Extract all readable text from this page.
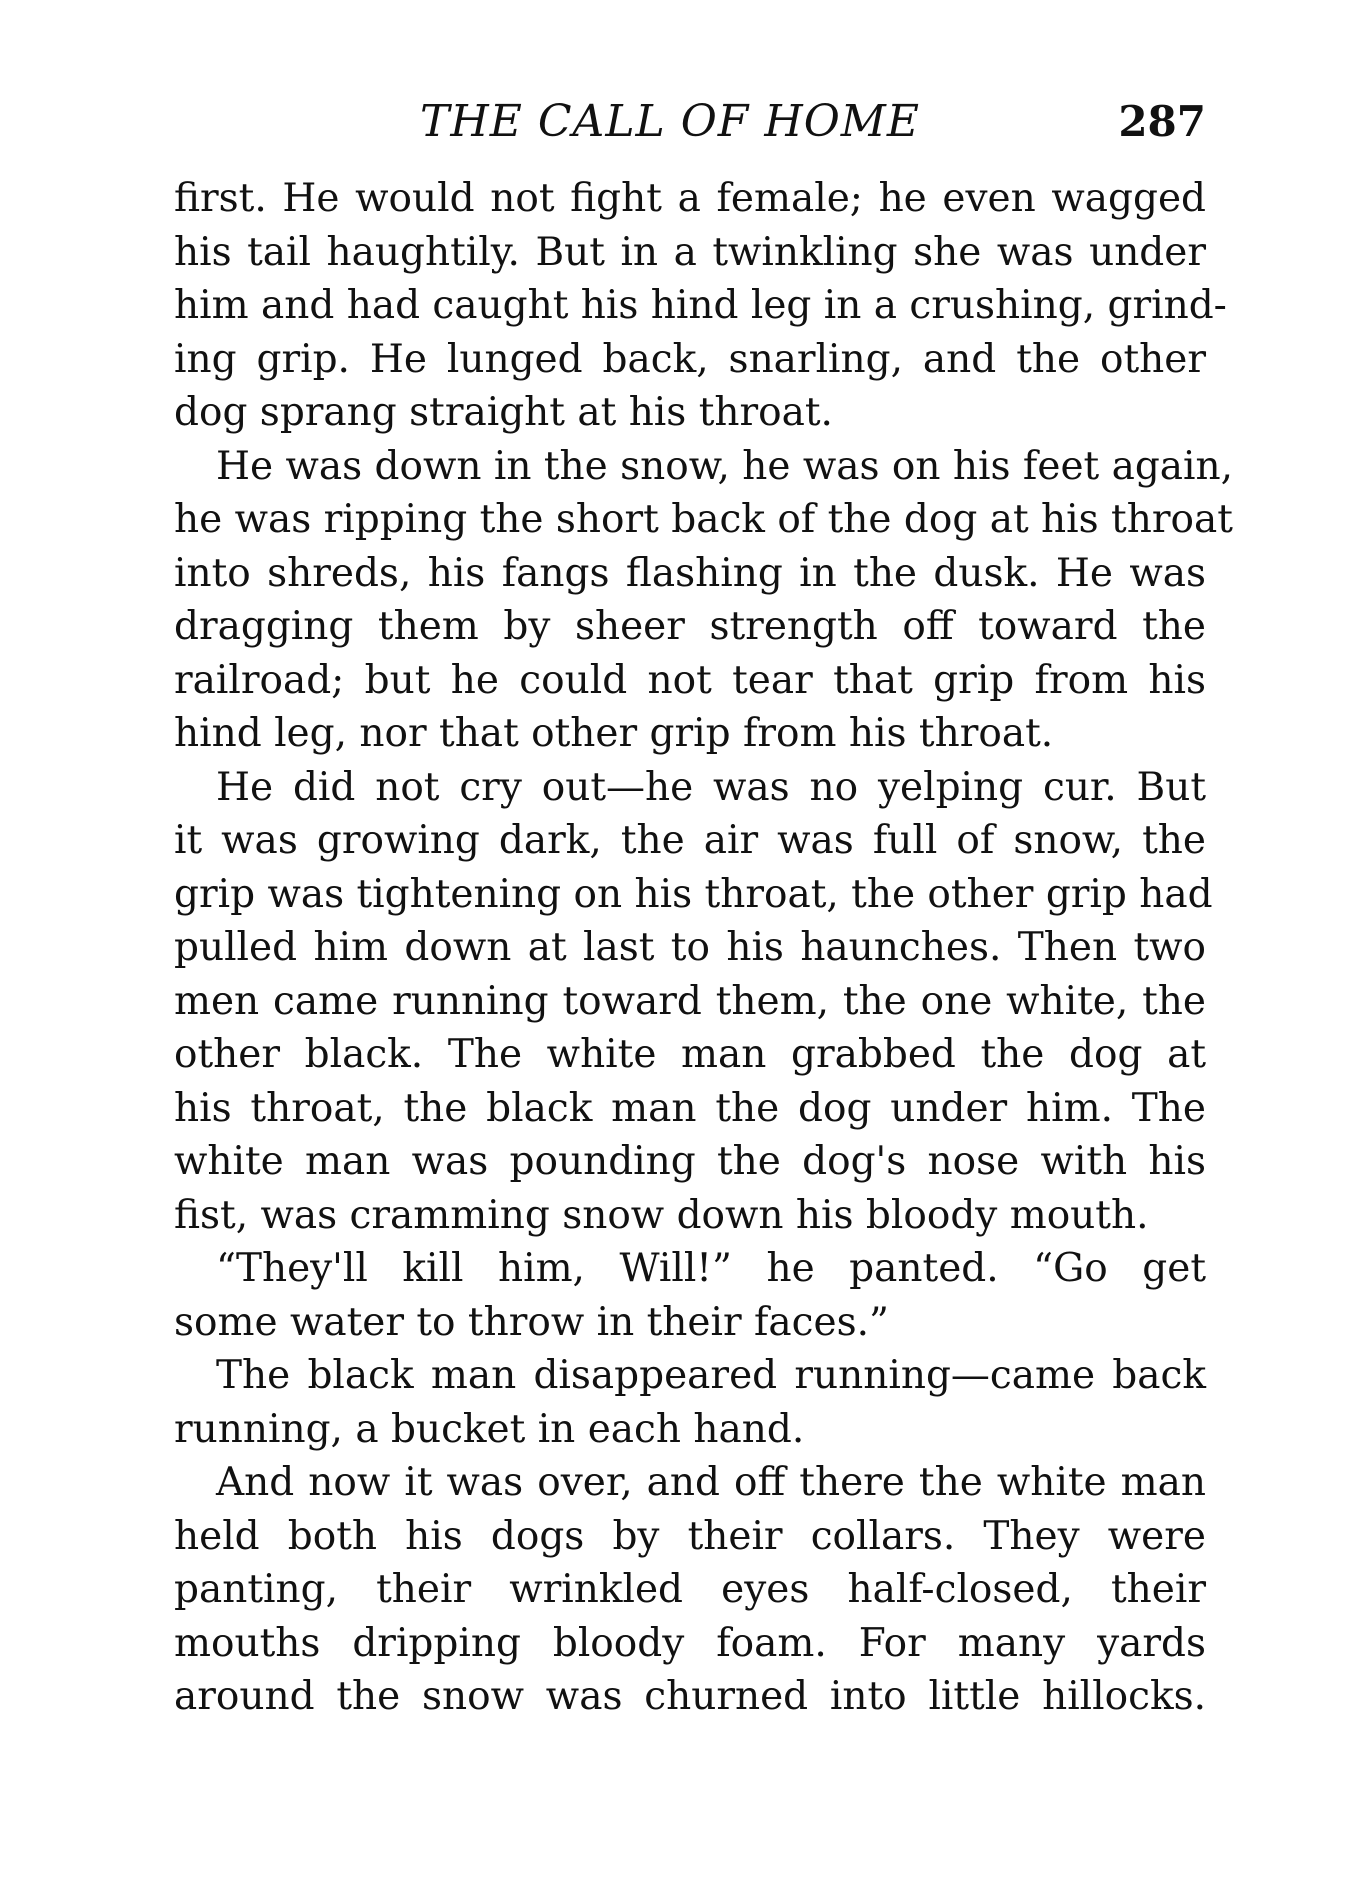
THE CALL OF HOME	287

first. He would not fight a female; he even wagged
his tail haughtily. But in a twinkling she was under
him and had caught his hind leg in a crushing, grind-
ing grip. He lunged back, snarling, and the other
dog sprang straight at his throat.

He was down in the snow, he was on his feet again,
he was ripping the short back of the dog at his throat
into shreds, his fangs flashing in the dusk. He was
dragging them by sheer strength off toward the
railroad; but he could not tear that grip from his
hind leg, nor that other grip from his throat.

He did not cry out—he was no yelping cur. But
it was growing dark, the air was full of snow, the
grip was tightening on his throat, the other grip had
pulled him down at last to his haunches. Then two
men came running toward them, the one white, the
other black. The white man grabbed the dog at
his throat, the black man the dog under him. The
white man was pounding the dog's nose with his
fist, was cramming snow down his bloody mouth.

“They'll kill him, Will!” he panted. “Go get
some water to throw in their faces.”

The black man disappeared running—came back
running, a bucket in each hand.

And now it was over, and off there the white man
held both his dogs by their collars. They were
panting, their wrinkled eyes half-closed, their
mouths dripping bloody foam. For many yards
around the snow was churned into little hillocks.
